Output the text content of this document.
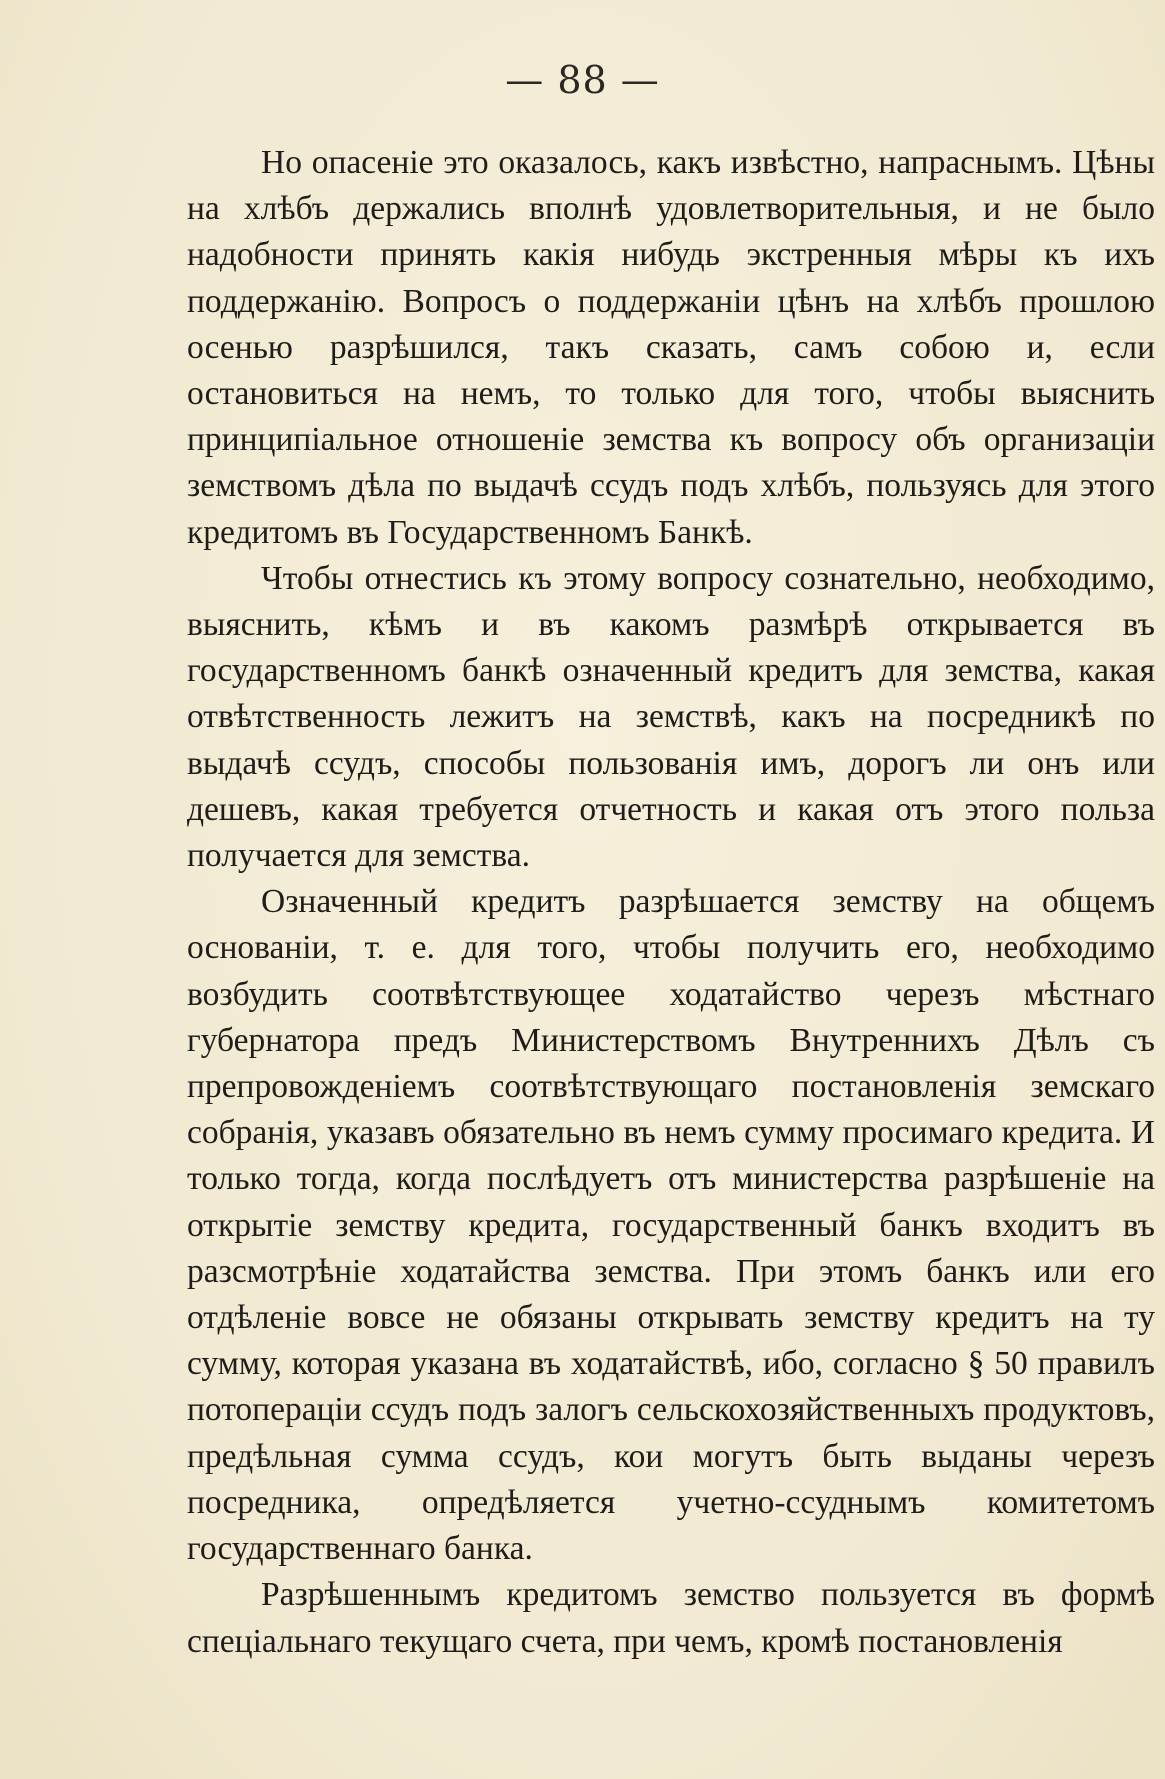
— 88 —

Но опасеніе это оказалось, какъ извѣстно, напраснымъ. Цѣны на хлѣбъ держались вполнѣ удовлетворительныя, и не было надобности принять какія нибудь экстренныя мѣры къ ихъ поддержанію. Вопросъ о поддержаніи цѣнъ на хлѣбъ прошлою осенью разрѣшился, такъ сказать, самъ собою и, если остановиться на немъ, то только для того, чтобы выяснить принципіальное отношеніе земства къ вопросу объ организаціи земствомъ дѣла по выдачѣ ссудъ подъ хлѣбъ, пользуясь для этого кредитомъ въ Государственномъ Банкѣ.

Чтобы отнестись къ этому вопросу сознательно, необходимо, выяснить, кѣмъ и въ какомъ размѣрѣ открывается въ государственномъ банкѣ означенный кредитъ для земства, какая отвѣтственность лежитъ на земствѣ, какъ на посредникѣ по выдачѣ ссудъ, способы пользованія имъ, дорогъ ли онъ или дешевъ, какая требуется отчетность и какая отъ этого польза получается для земства.

Означенный кредитъ разрѣшается земству на общемъ основаніи, т. е. для того, чтобы получить его, необходимо возбудить соотвѣтствующее ходатайство черезъ мѣстнаго губернатора предъ Министерствомъ Внутреннихъ Дѣлъ съ препровожденіемъ соотвѣтствующаго постановленія земскаго собранія, указавъ обязательно въ немъ сумму просимаго кредита. И только тогда, когда послѣдуетъ отъ министерства разрѣшеніе на открытіе земству кредита, государственный банкъ входитъ въ разсмотрѣніе ходатайства земства. При этомъ банкъ или его отдѣленіе вовсе не обязаны открывать земству кредитъ на ту сумму, которая указана въ ходатайствѣ, ибо, согласно § 50 правилъ потопераціи ссудъ подъ залогъ сельскохозяйственныхъ продуктовъ, предѣльная сумма ссудъ, кои могутъ быть выданы черезъ посредника, опредѣляется учетно-ссуднымъ комитетомъ государственнаго банка.

Разрѣшеннымъ кредитомъ земство пользуется въ формѣ спеціальнаго текущаго счета, при чемъ, кромѣ постановленія
